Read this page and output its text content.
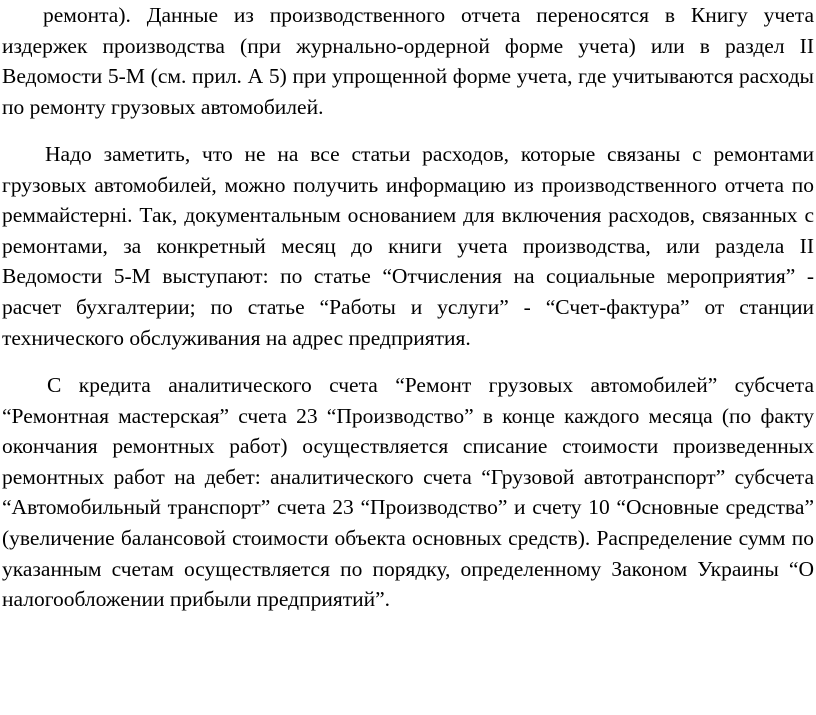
ремонта). Данные из производственного отчета переносятся в Книгу учета издержек производства (при журнально-ордерной форме учета) или в раздел II Ведомости 5-М (см. прил. А 5) при упрощенной форме учета, где учитываются расходы по ремонту грузовых автомобилей.

Надо заметить, что не на все статьи расходов, которые связаны с ремонтами грузовых автомобилей, можно получить информацию из производственного отчета по реммайстерні. Так, документальным основанием для включения расходов, связанных с ремонтами, за конкретный месяц до книги учета производства, или раздела II Ведомости 5-М выступают: по статье “Отчисления на социальные мероприятия” - расчет бухгалтерии; по статье “Работы и услуги” - “Счет-фактура” от станции технического обслуживания на адрес предприятия.

С кредита аналитического счета “Ремонт грузовых автомобилей” субсчета “Ремонтная мастерская” счета 23 “Производство” в конце каждого месяца (по факту окончания ремонтных работ) осуществляется списание стоимости произведенных ремонтных работ на дебет: аналитического счета “Грузовой автотранспорт” субсчета “Автомобильный транспорт” счета 23 “Производство” и счету 10 “Основные средства” (увеличение балансовой стоимости объекта основных средств). Распределение сумм по указанным счетам осуществляется по порядку, определенному Законом Украины “О налогообложении прибыли предприятий”.
